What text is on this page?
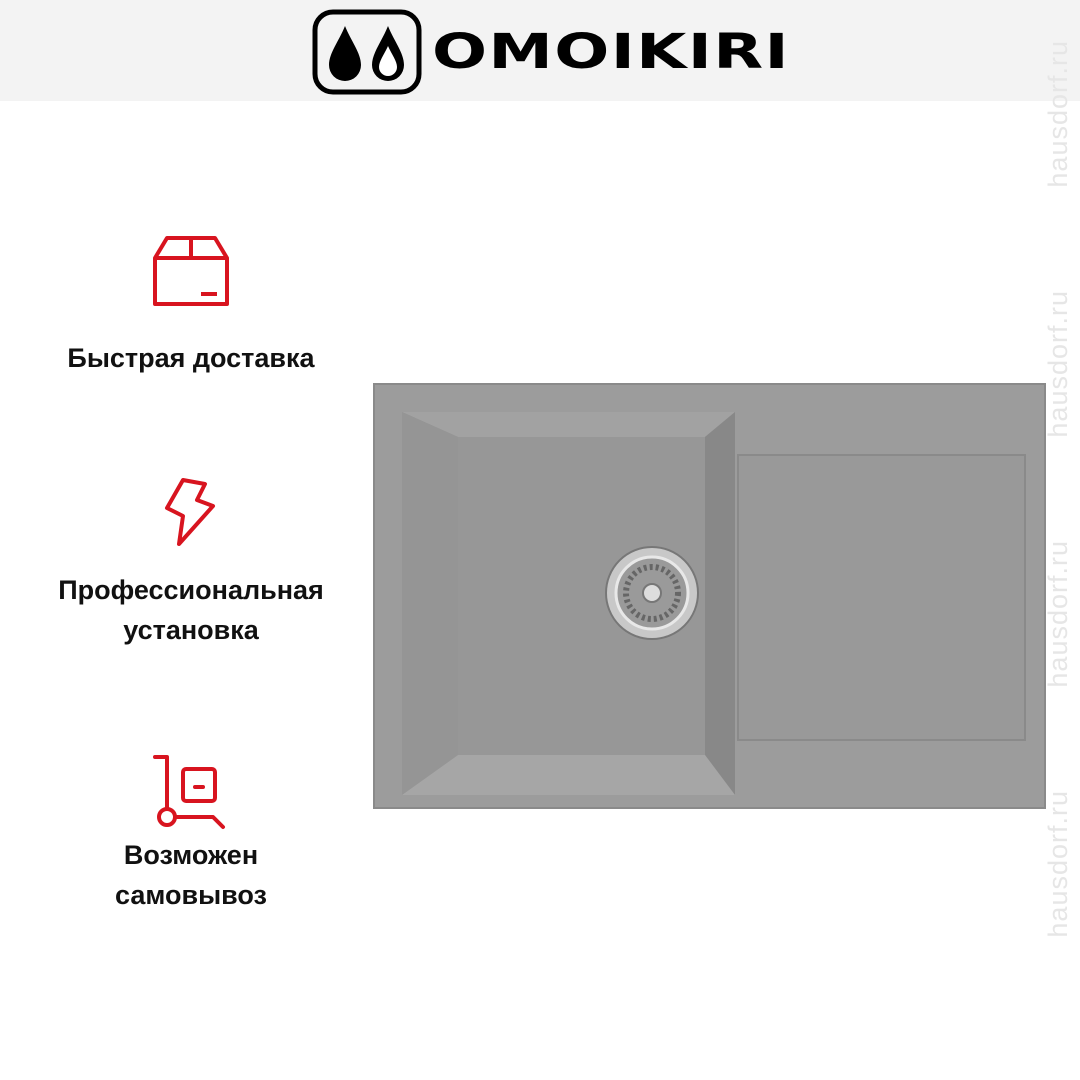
OMOIKIRI
Быстрая доставка
Профессиональная
установка
Возможен
самовывоз
hausdorf.ru
hausdorf.ru
hausdorf.ru
hausdorf.ru
